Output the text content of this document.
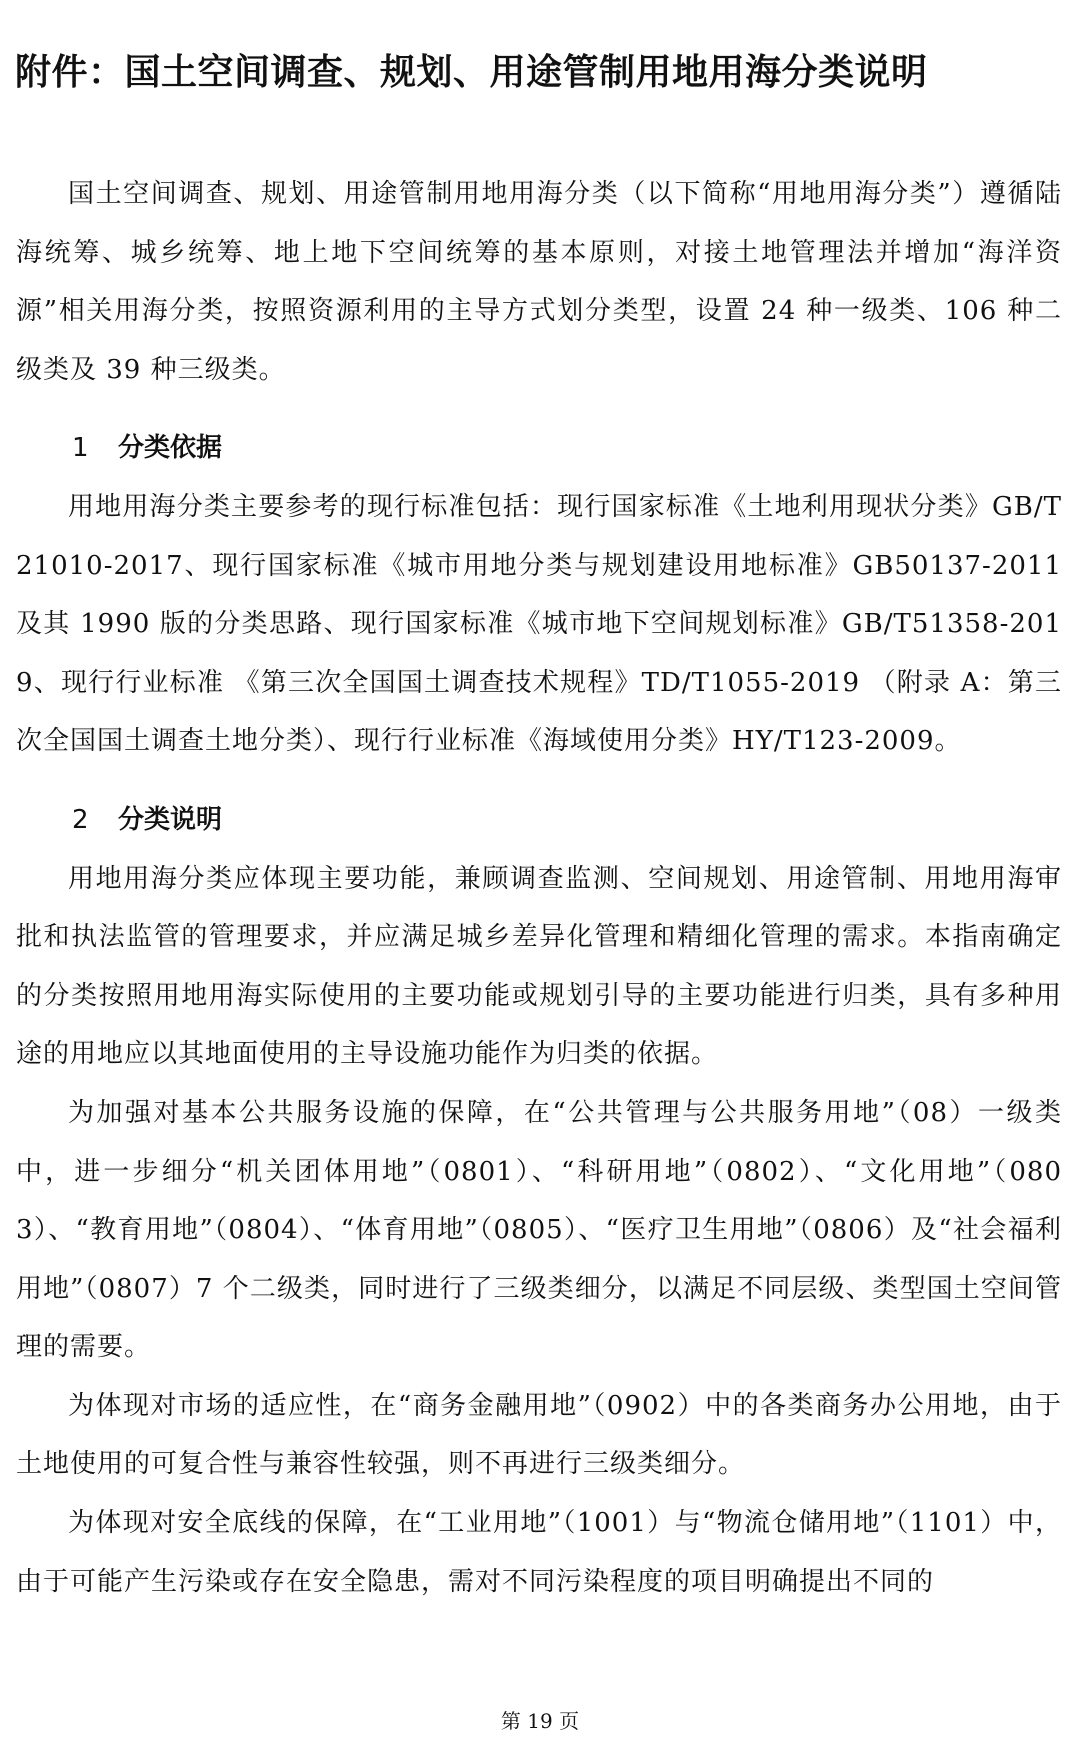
附件：国土空间调查、规划、用途管制用地用海分类说明

国土空间调查、规划、用途管制用地用海分类（以下简称“用地用海分类”）遵循陆海统筹、城乡统筹、地上地下空间统筹的基本原则，对接土地管理法并增加“海洋资源”相关用海分类，按照资源利用的主导方式划分类型，设置 24 种一级类、106 种二级类及 39 种三级类。

1 分类依据

用地用海分类主要参考的现行标准包括：现行国家标准《土地利用现状分类》GB/T21010-2017、现行国家标准《城市用地分类与规划建设用地标准》GB50137-2011 及其 1990 版的分类思路、现行国家标准《城市地下空间规划标准》GB/T51358-2019、现行行业标准 《第三次全国国土调查技术规程》TD/T1055-2019 （附录 A：第三次全国国土调查土地分类）、现行行业标准《海域使用分类》HY/T123-2009。

2 分类说明

用地用海分类应体现主要功能，兼顾调查监测、空间规划、用途管制、用地用海审批和执法监管的管理要求，并应满足城乡差异化管理和精细化管理的需求。本指南确定的分类按照用地用海实际使用的主要功能或规划引导的主要功能进行归类，具有多种用途的用地应以其地面使用的主导设施功能作为归类的依据。

为加强对基本公共服务设施的保障，在“公共管理与公共服务用地”（08）一级类中，进一步细分“机关团体用地”（0801）、“科研用地”（0802）、“文化用地”（0803）、“教育用地”（0804）、“体育用地”（0805）、“医疗卫生用地”（0806）及“社会福利用地”（0807）7 个二级类，同时进行了三级类细分，以满足不同层级、类型国土空间管理的需要。

为体现对市场的适应性，在“商务金融用地”（0902）中的各类商务办公用地，由于土地使用的可复合性与兼容性较强，则不再进行三级类细分。

为体现对安全底线的保障，在“工业用地”（1001）与“物流仓储用地”（1101）中，由于可能产生污染或存在安全隐患，需对不同污染程度的项目明确提出不同的

第 19 页
